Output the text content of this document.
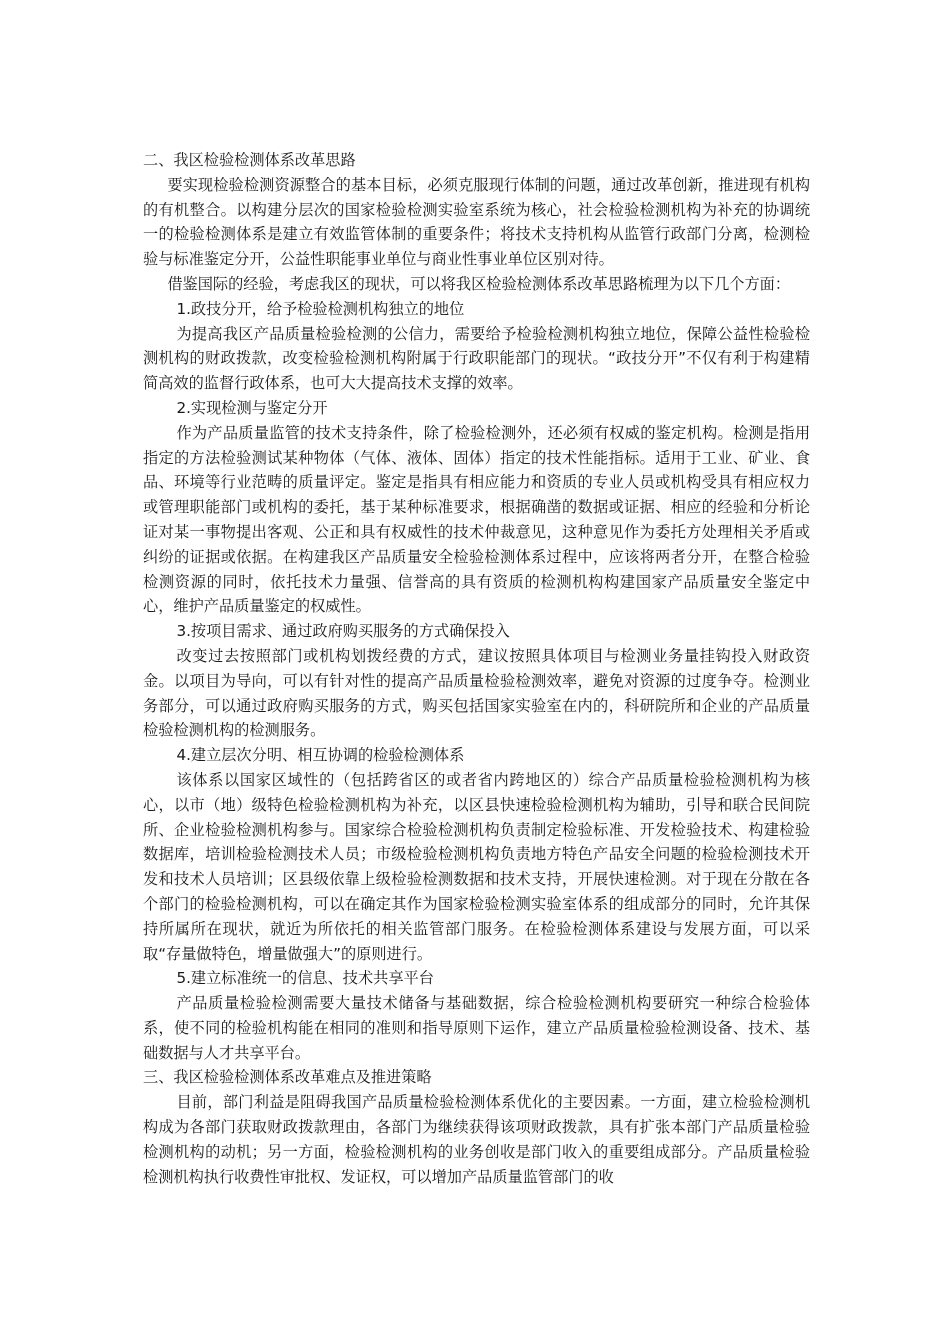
二、我区检验检测体系改革思路

要实现检验检测资源整合的基本目标，必须克服现行体制的问题，通过改革创新，推进现有机构的有机整合。以构建分层次的国家检验检测实验室系统为核心，社会检验检测机构为补充的协调统一的检验检测体系是建立有效监管体制的重要条件；将技术支持机构从监管行政部门分离，检测检验与标准鉴定分开，公益性职能事业单位与商业性事业单位区别对待。

借鉴国际的经验，考虑我区的现状，可以将我区检验检测体系改革思路梳理为以下几个方面：

1.政技分开，给予检验检测机构独立的地位

为提高我区产品质量检验检测的公信力，需要给予检验检测机构独立地位，保障公益性检验检测机构的财政拨款，改变检验检测机构附属于行政职能部门的现状。“政技分开”不仅有利于构建精简高效的监督行政体系，也可大大提高技术支撑的效率。

2.实现检测与鉴定分开

作为产品质量监管的技术支持条件，除了检验检测外，还必须有权威的鉴定机构。检测是指用指定的方法检验测试某种物体（气体、液体、固体）指定的技术性能指标。适用于工业、矿业、食品、环境等行业范畴的质量评定。鉴定是指具有相应能力和资质的专业人员或机构受具有相应权力或管理职能部门或机构的委托，基于某种标准要求，根据确凿的数据或证据、相应的经验和分析论证对某一事物提出客观、公正和具有权威性的技术仲裁意见，这种意见作为委托方处理相关矛盾或纠纷的证据或依据。在构建我区产品质量安全检验检测体系过程中，应该将两者分开，在整合检验检测资源的同时，依托技术力量强、信誉高的具有资质的检测机构构建国家产品质量安全鉴定中心，维护产品质量鉴定的权威性。

3.按项目需求、通过政府购买服务的方式确保投入

改变过去按照部门或机构划拨经费的方式，建议按照具体项目与检测业务量挂钩投入财政资金。以项目为导向，可以有针对性的提高产品质量检验检测效率，避免对资源的过度争夺。检测业务部分，可以通过政府购买服务的方式，购买包括国家实验室在内的，科研院所和企业的产品质量检验检测机构的检测服务。

4.建立层次分明、相互协调的检验检测体系

该体系以国家区域性的（包括跨省区的或者省内跨地区的）综合产品质量检验检测机构为核心，以市（地）级特色检验检测机构为补充，以区县快速检验检测机构为辅助，引导和联合民间院所、企业检验检测机构参与。国家综合检验检测机构负责制定检验标准、开发检验技术、构建检验数据库，培训检验检测技术人员；市级检验检测机构负责地方特色产品安全问题的检验检测技术开发和技术人员培训；区县级依靠上级检验检测数据和技术支持，开展快速检测。对于现在分散在各个部门的检验检测机构，可以在确定其作为国家检验检测实验室体系的组成部分的同时，允许其保持所属所在现状，就近为所依托的相关监管部门服务。在检验检测体系建设与发展方面，可以采取“存量做特色，增量做强大”的原则进行。

5.建立标准统一的信息、技术共享平台

产品质量检验检测需要大量技术储备与基础数据，综合检验检测机构要研究一种综合检验体系，使不同的检验机构能在相同的准则和指导原则下运作，建立产品质量检验检测设备、技术、基础数据与人才共享平台。

三、我区检验检测体系改革难点及推进策略

目前，部门利益是阻碍我国产品质量检验检测体系优化的主要因素。一方面，建立检验检测机构成为各部门获取财政拨款理由，各部门为继续获得该项财政拨款，具有扩张本部门产品质量检验检测机构的动机；另一方面，检验检测机构的业务创收是部门收入的重要组成部分。产品质量检验检测机构执行收费性审批权、发证权，可以增加产品质量监管部门的收
